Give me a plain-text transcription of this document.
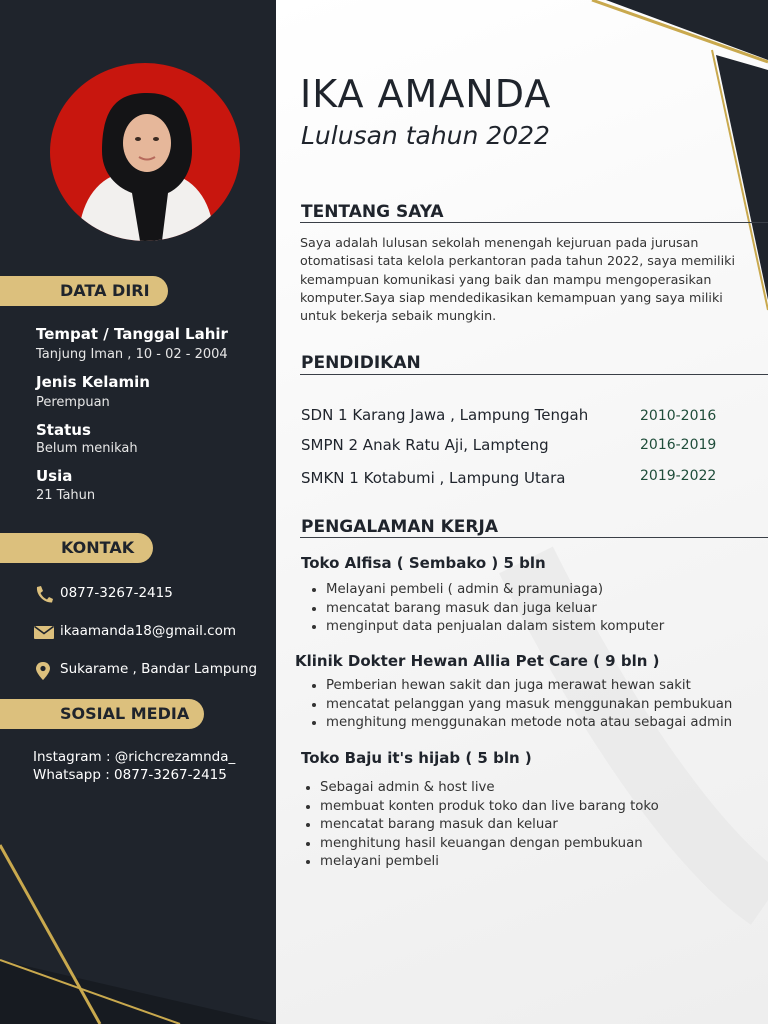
DATA DIRI
Tempat / Tanggal Lahir
Tanjung Iman , 10 - 02 - 2004
Jenis Kelamin
Perempuan
Status
Belum menikah
Usia
21 Tahun
KONTAK
0877-3267-2415
ikaamanda18@gmail.com
Sukarame , Bandar Lampung
SOSIAL MEDIA
Instagram : @richcrezamnda_
Whatsapp : 0877-3267-2415
IKA AMANDA
Lulusan tahun 2022
TENTANG SAYA
Saya adalah lulusan sekolah menengah kejuruan pada jurusan otomatisasi tata kelola perkantoran pada tahun 2022, saya memiliki kemampuan komunikasi yang baik dan mampu mengoperasikan komputer.Saya siap mendedikasikan kemampuan yang saya miliki untuk bekerja sebaik mungkin.
PENDIDIKAN
SDN 1 Karang Jawa , Lampung Tengah	2010-2016
SMPN 2 Anak Ratu Aji, Lampteng	2016-2019
SMKN 1 Kotabumi , Lampung Utara	2019-2022
PENGALAMAN KERJA
Toko Alfisa ( Sembako ) 5 bln
• Melayani pembeli ( admin & pramuniaga)
• mencatat barang masuk dan juga keluar
• menginput data penjualan dalam sistem komputer
Klinik Dokter Hewan Allia Pet Care ( 9 bln )
• Pemberian hewan sakit dan juga merawat hewan sakit
• mencatat pelanggan yang masuk menggunakan pembukuan
• menghitung menggunakan metode nota atau sebagai admin
Toko Baju it's hijab ( 5 bln )
• Sebagai admin & host live
• membuat konten produk toko dan live barang toko
• mencatat barang masuk dan keluar
• menghitung hasil keuangan dengan pembukuan
• melayani pembeli
